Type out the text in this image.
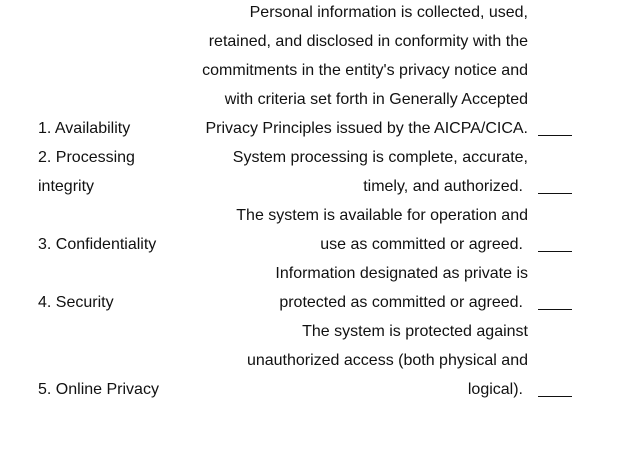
1. Availability
2. Processing
integrity
3. Confidentiality
4. Security
5. Online Privacy
Personal information is collected, used,
retained, and disclosed in conformity with the
commitments in the entity's privacy notice and
with criteria set forth in Generally Accepted
Privacy Principles issued by the AICPA/CICA.
System processing is complete, accurate,
timely, and authorized.
The system is available for operation and
use as committed or agreed.
Information designated as private is
protected as committed or agreed.
The system is protected against
unauthorized access (both physical and
logical).
